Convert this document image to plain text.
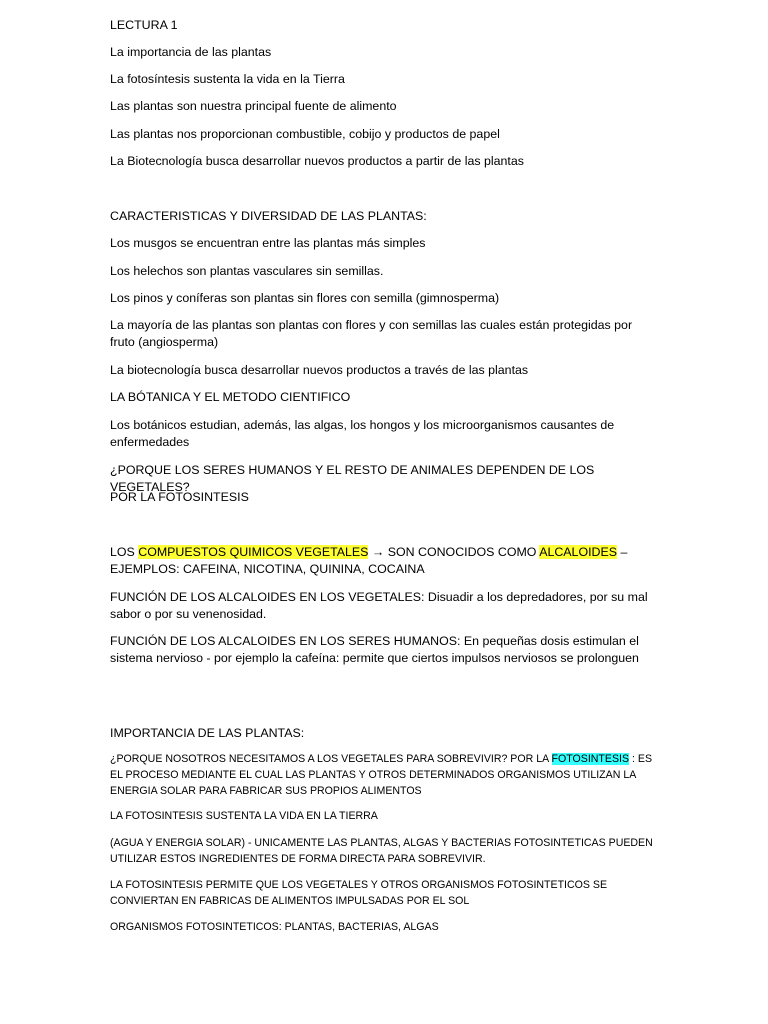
LECTURA 1

La importancia de las plantas

La fotosíntesis sustenta la vida en la Tierra

Las plantas son nuestra principal fuente de alimento

Las plantas nos proporcionan combustible, cobijo y productos de papel

La Biotecnología busca desarrollar nuevos productos a partir de las plantas

CARACTERISTICAS Y DIVERSIDAD DE LAS PLANTAS:

Los musgos se encuentran entre las plantas más simples

Los helechos son plantas vasculares sin semillas.

Los pinos y coníferas son plantas sin flores con semilla (gimnosperma)

La mayoría de las plantas son plantas con flores y con semillas las cuales están protegidas por fruto (angiosperma)

La biotecnología busca desarrollar nuevos productos a través de las plantas

LA BÓTANICA Y EL METODO CIENTIFICO

Los botánicos estudian, además, las algas, los hongos y los microorganismos causantes de enfermedades

¿PORQUE LOS SERES HUMANOS Y EL RESTO DE ANIMALES DEPENDEN DE LOS VEGETALES?

POR LA FOTOSINTESIS

LOS COMPUESTOS QUIMICOS VEGETALES → SON CONOCIDOS COMO ALCALOIDES – EJEMPLOS: CAFEINA, NICOTINA, QUININA, COCAINA

FUNCIÓN DE LOS ALCALOIDES EN LOS VEGETALES: Disuadir a los depredadores, por su mal sabor o por su venenosidad.

FUNCIÓN DE LOS ALCALOIDES EN LOS SERES HUMANOS: En pequeñas dosis estimulan el sistema nervioso - por ejemplo la cafeína: permite que ciertos impulsos nerviosos se prolonguen

IMPORTANCIA DE LAS PLANTAS:

¿PORQUE NOSOTROS NECESITAMOS A LOS VEGETALES PARA SOBREVIVIR? POR LA FOTOSINTESIS : ES EL PROCESO MEDIANTE EL CUAL LAS PLANTAS Y OTROS DETERMINADOS ORGANISMOS UTILIZAN LA ENERGIA SOLAR PARA FABRICAR SUS PROPIOS ALIMENTOS

LA FOTOSINTESIS SUSTENTA LA VIDA EN LA TIERRA

(AGUA Y ENERGIA SOLAR) - UNICAMENTE LAS PLANTAS, ALGAS Y BACTERIAS FOTOSINTETICAS PUEDEN UTILIZAR ESTOS INGREDIENTES DE FORMA DIRECTA PARA SOBREVIVIR.

LA FOTOSINTESIS PERMITE QUE LOS VEGETALES Y OTROS ORGANISMOS FOTOSINTETICOS SE CONVIERTAN EN FABRICAS DE ALIMENTOS IMPULSADAS POR EL SOL

ORGANISMOS FOTOSINTETICOS: PLANTAS, BACTERIAS, ALGAS
